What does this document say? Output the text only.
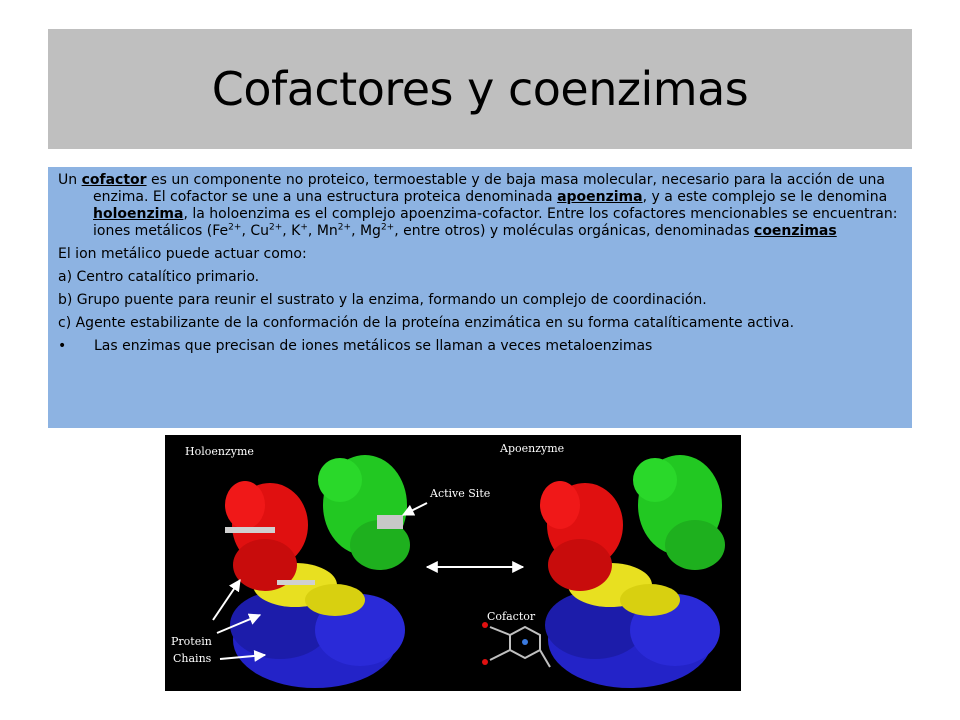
Cofactores y coenzimas

Un cofactor es un componente no proteico, termoestable y de baja masa molecular, necesario para la acción de una enzima. El cofactor se une a una estructura proteica denominada apoenzima, y a este complejo se le denomina holoenzima, la holoenzima es el complejo apoenzima-cofactor. Entre los cofactores mencionables se encuentran: iones metálicos ($Fe^{2+}$, $Cu^{2+}$, K+, $Mn^{2+}$, $Mg^{2+}$, entre otros) y moléculas orgánicas, denominadas coenzimas

El ion metálico puede actuar como:

a) Centro catalítico primario.

b) Grupo puente para reunir el sustrato y la enzima, formando un complejo de coordinación.

c) Agente estabilizante de la conformación de la proteína enzimática en su forma catalíticamente activa.

•	Las enzimas que precisan de iones metálicos se llaman a veces metaloenzimas
Holoenzyme	Apoenzyme
Active Site
Cofactor
Protein
Chains
